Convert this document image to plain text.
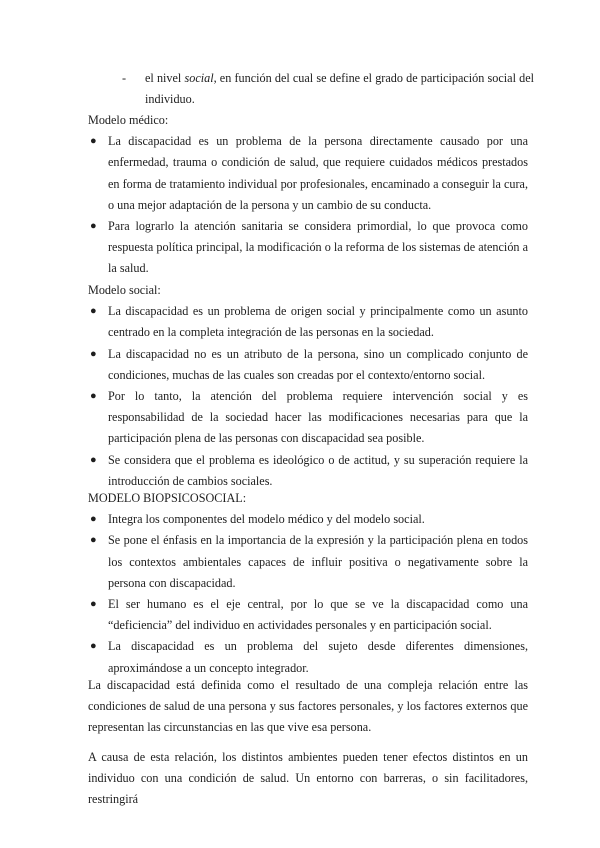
- el nivel social, en función del cual se define el grado de participación social del individuo.

Modelo médico:

● La discapacidad es un problema de la persona directamente causado por una enfermedad, trauma o condición de salud, que requiere cuidados médicos prestados en forma de tratamiento individual por profesionales, encaminado a conseguir la cura, o una mejor adaptación de la persona y un cambio de su conducta.
● Para lograrlo la atención sanitaria se considera primordial, lo que provoca como respuesta política principal, la modificación o la reforma de los sistemas de atención a la salud.

Modelo social:

● La discapacidad es un problema de origen social y principalmente como un asunto centrado en la completa integración de las personas en la sociedad.
● La discapacidad no es un atributo de la persona, sino un complicado conjunto de condiciones, muchas de las cuales son creadas por el contexto/entorno social.
● Por lo tanto, la atención del problema requiere intervención social y es responsabilidad de la sociedad hacer las modificaciones necesarias para que la participación plena de las personas con discapacidad sea posible.
● Se considera que el problema es ideológico o de actitud, y su superación requiere la introducción de cambios sociales.

MODELO BIOPSICOSOCIAL:

● Integra los componentes del modelo médico y del modelo social.
● Se pone el énfasis en la importancia de la expresión y la participación plena en todos los contextos ambientales capaces de influir positiva o negativamente sobre la persona con discapacidad.
● El ser humano es el eje central, por lo que se ve la discapacidad como una “deficiencia” del individuo en actividades personales y en participación social.
● La discapacidad es un problema del sujeto desde diferentes dimensiones, aproximándose a un concepto integrador.

La discapacidad está definida como el resultado de una compleja relación entre las condiciones de salud de una persona y sus factores personales, y los factores externos que representan las circunstancias en las que vive esa persona.

A causa de esta relación, los distintos ambientes pueden tener efectos distintos en un individuo con una condición de salud. Un entorno con barreras, o sin facilitadores, restringirá
